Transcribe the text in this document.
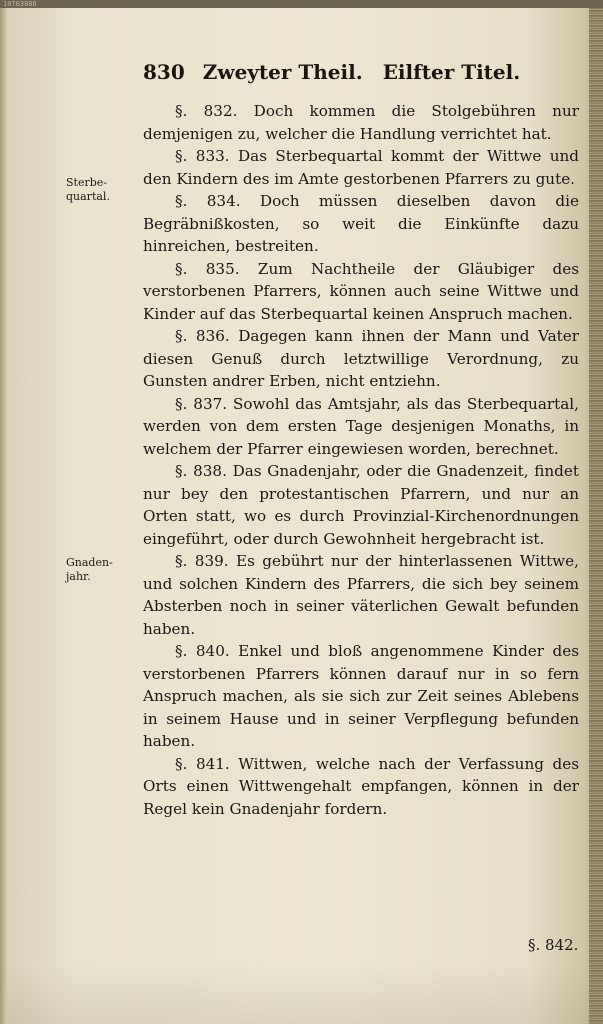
10703886
830 Zweyter Theil. Eilfter Titel.
Sterbe-
quartal.
Gnaden-
jahr.

§. 832. Doch kommen die Stolgebühren nur demjenigen zu, welcher die Handlung verrichtet hat.

§. 833. Das Sterbequartal kommt der Wittwe und den Kindern des im Amte gestorbenen Pfarrers zu gute.

§. 834. Doch müssen dieselben davon die Begräbnißkosten, so weit die Einkünfte dazu hinreichen, bestreiten.

§. 835. Zum Nachtheile der Gläubiger des verstorbenen Pfarrers, können auch seine Wittwe und Kinder auf das Sterbequartal keinen Anspruch machen.

§. 836. Dagegen kann ihnen der Mann und Vater diesen Genuß durch letztwillige Verordnung, zu Gunsten andrer Erben, nicht entziehn.

§. 837. Sowohl das Amtsjahr, als das Sterbequartal, werden von dem ersten Tage desjenigen Monaths, in welchem der Pfarrer eingewiesen worden, berechnet.

§. 838. Das Gnadenjahr, oder die Gnadenzeit, findet nur bey den protestantischen Pfarrern, und nur an Orten statt, wo es durch Provinzial-Kirchenordnungen eingeführt, oder durch Gewohnheit hergebracht ist.

§. 839. Es gebührt nur der hinterlassenen Wittwe, und solchen Kindern des Pfarrers, die sich bey seinem Absterben noch in seiner väterlichen Gewalt befunden haben.

§. 840. Enkel und bloß angenommene Kinder des verstorbenen Pfarrers können darauf nur in so fern Anspruch machen, als sie sich zur Zeit seines Ablebens in seinem Hause und in seiner Verpflegung befunden haben.

§. 841. Wittwen, welche nach der Verfassung des Orts einen Wittwengehalt empfangen, können in der Regel kein Gnadenjahr fordern.

§. 842.
